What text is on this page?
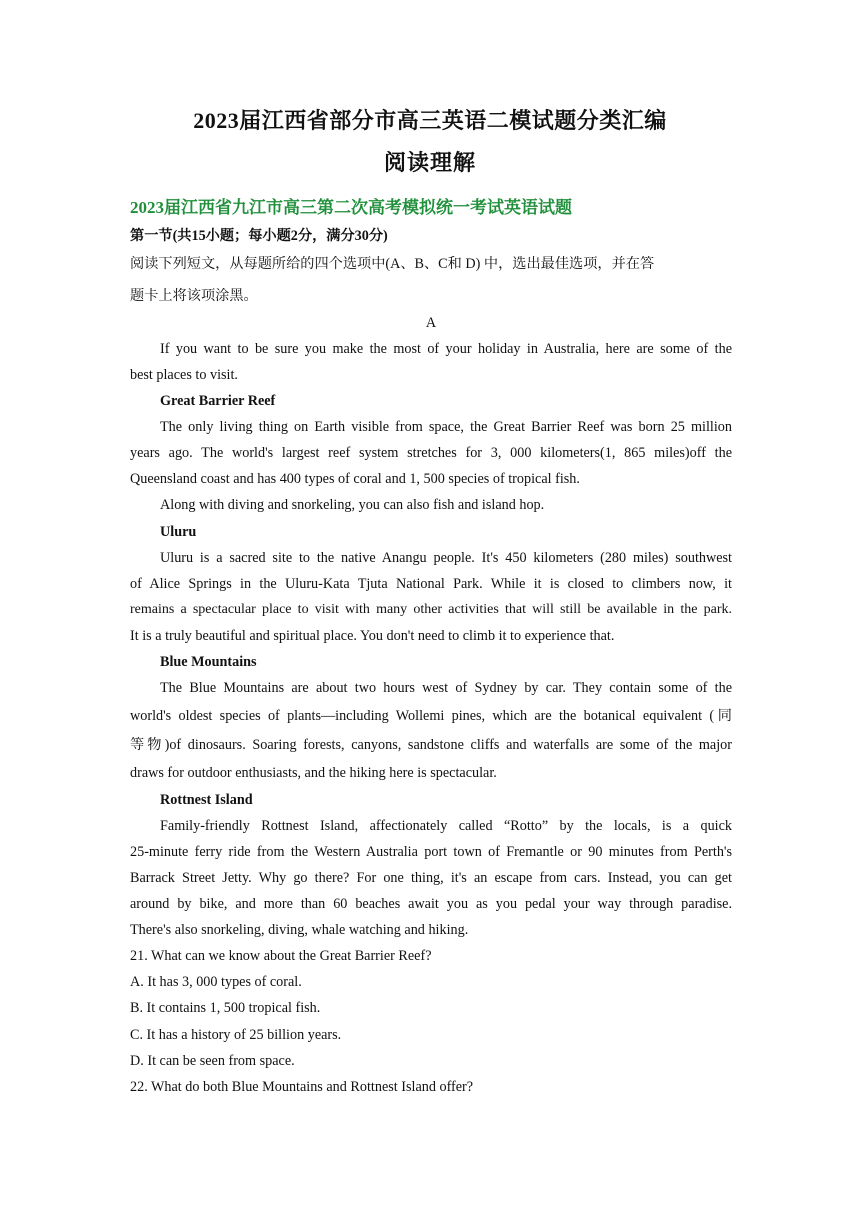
2023届江西省部分市高三英语二模试题分类汇编
阅读理解
2023届江西省九江市高三第二次高考模拟统一考试英语试题
第一节(共15小题；每小题2分，满分30分)
阅读下列短文，从每题所给的四个选项中(A、B、C和 D) 中，选出最佳选项，并在答
题卡上将该项涂黑。
A
If you want to be sure you make the most of your holiday in Australia, here are some of the
best places to visit.
Great Barrier Reef
The only living thing on Earth visible from space, the Great Barrier Reef was born 25 million
years ago. The world's largest reef system stretches for 3, 000 kilometers(1, 865 miles)off the
Queensland coast and has 400 types of coral and 1, 500 species of tropical fish.
Along with diving and snorkeling, you can also fish and island hop.
Uluru
Uluru is a sacred site to the native Anangu people. It's 450 kilometers (280 miles) southwest
of Alice Springs in the Uluru-Kata Tjuta National Park. While it is closed to climbers now, it
remains a spectacular place to visit with many other activities that will still be available in the park.
It is a truly beautiful and spiritual place. You don't need to climb it to experience that.
Blue Mountains
The Blue Mountains are about two hours west of Sydney by car. They contain some of the
world's oldest species of plants—including Wollemi pines, which are the botanical equivalent (同
等物)of dinosaurs. Soaring forests, canyons, sandstone cliffs and waterfalls are some of the major
draws for outdoor enthusiasts, and the hiking here is spectacular.
Rottnest Island
Family-friendly Rottnest Island, affectionately called “Rotto” by the locals, is a quick
25-minute ferry ride from the Western Australia port town of Fremantle or 90 minutes from Perth's
Barrack Street Jetty. Why go there? For one thing, it's an escape from cars. Instead, you can get
around by bike, and more than 60 beaches await you as you pedal your way through paradise.
There's also snorkeling, diving, whale watching and hiking.
21. What can we know about the Great Barrier Reef?
A. It has 3, 000 types of coral.
B. It contains 1, 500 tropical fish.
C. It has a history of 25 billion years.
D. It can be seen from space.
22. What do both Blue Mountains and Rottnest Island offer?
